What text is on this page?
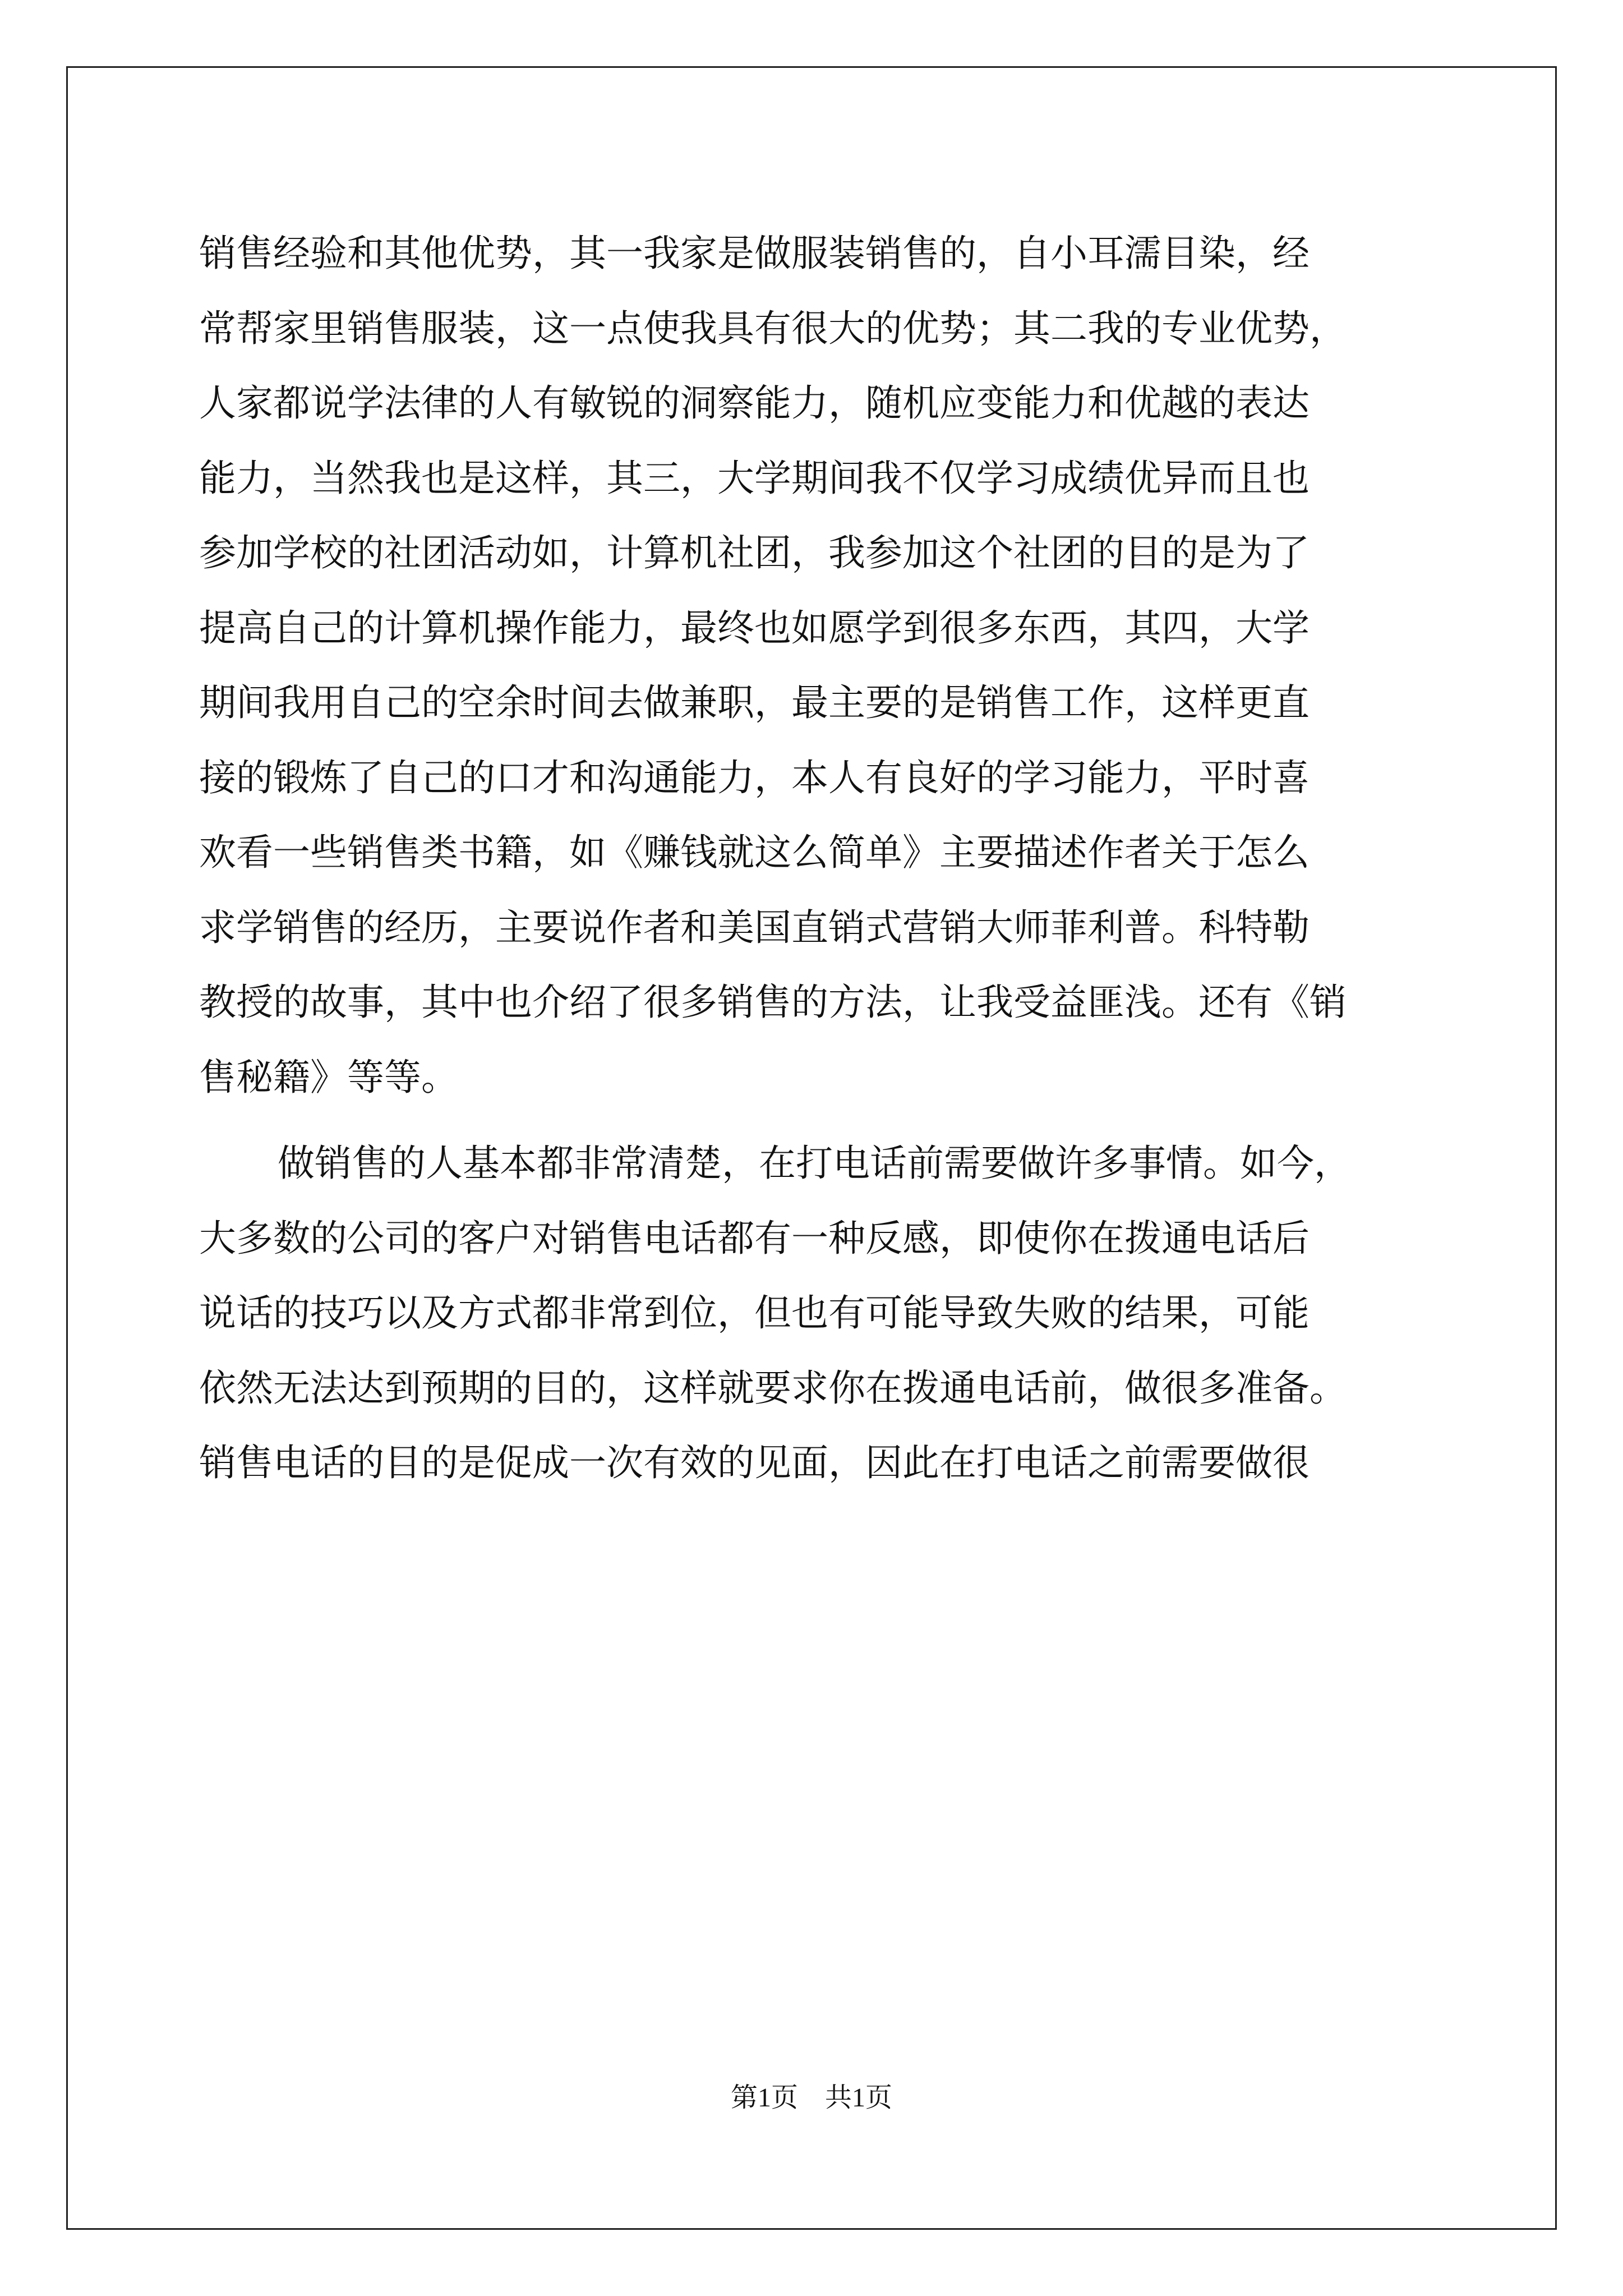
销售经验和其他优势，其一我家是做服装销售的，自小耳濡目染，经
常帮家里销售服装，这一点使我具有很大的优势；其二我的专业优势，
人家都说学法律的人有敏锐的洞察能力，随机应变能力和优越的表达
能力，当然我也是这样，其三，大学期间我不仅学习成绩优异而且也
参加学校的社团活动如，计算机社团，我参加这个社团的目的是为了
提高自己的计算机操作能力，最终也如愿学到很多东西，其四，大学
期间我用自己的空余时间去做兼职，最主要的是销售工作，这样更直
接的锻炼了自己的口才和沟通能力，本人有良好的学习能力，平时喜
欢看一些销售类书籍，如《赚钱就这么简单》主要描述作者关于怎么
求学销售的经历，主要说作者和美国直销式营销大师菲利普。科特勒
教授的故事，其中也介绍了很多销售的方法，让我受益匪浅。还有《销
售秘籍》等等。
做销售的人基本都非常清楚，在打电话前需要做许多事情。如今，
大多数的公司的客户对销售电话都有一种反感，即使你在拨通电话后
说话的技巧以及方式都非常到位，但也有可能导致失败的结果，可能
依然无法达到预期的目的，这样就要求你在拨通电话前，做很多准备。
销售电话的目的是促成一次有效的见面，因此在打电话之前需要做很
第1页 共1页
